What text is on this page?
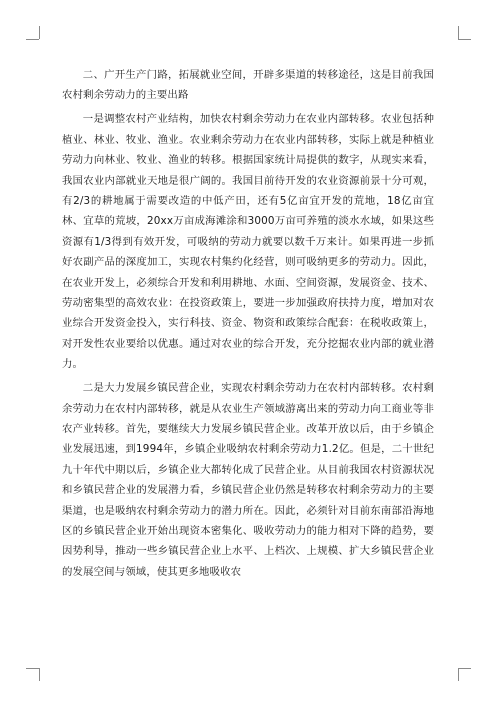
二、广开生产门路，拓展就业空间，开辟多渠道的转移途径，这是目前我国农村剩余劳动力的主要出路

一是调整农村产业结构，加快农村剩余劳动力在农业内部转移。农业包括种植业、林业、牧业、渔业。农业剩余劳动力在农业内部转移，实际上就是种植业劳动力向林业、牧业、渔业的转移。根据国家统计局提供的数字，从现实来看，我国农业内部就业天地是很广阔的。我国目前待开发的农业资源前景十分可观，有2/3的耕地属于需要改造的中低产田，还有5亿亩宜开发的荒地，18亿亩宜林、宜草的荒坡，20xx万亩成海滩涂和3000万亩可养殖的淡水水域，如果这些资源有1/3得到有效开发，可吸纳的劳动力就要以数千万来计。如果再进一步抓好农副产品的深度加工，实现农村集约化经营，则可吸纳更多的劳动力。因此，在农业开发上，必须综合开发和利用耕地、水面、空间资源，发展资金、技术、劳动密集型的高效农业：在投资政策上，要进一步加强政府扶持力度，增加对农业综合开发资金投入，实行科技、资金、物资和政策综合配套：在税收政策上，对开发性农业要给以优惠。通过对农业的综合开发，充分挖掘农业内部的就业潜力。

二是大力发展乡镇民营企业，实现农村剩余劳动力在农村内部转移。农村剩余劳动力在农村内部转移，就是从农业生产领域游离出来的劳动力向工商业等非农产业转移。首先，要继续大力发展乡镇民营企业。改革开放以后，由于乡镇企业发展迅速，到1994年，乡镇企业吸纳农村剩余劳动力1.2亿。但是，二十世纪九十年代中期以后，乡镇企业大都转化成了民营企业。从目前我国农村资源状况和乡镇民营企业的发展潜力看，乡镇民营企业仍然是转移农村剩余劳动力的主要渠道，也是吸纳农村剩余劳动力的潜力所在。因此，必须针对目前东南部沿海地区的乡镇民营企业开始出现资本密集化、吸收劳动力的能力相对下降的趋势，要因势利导，推动一些乡镇民营企业上水平、上档次、上规模、扩大乡镇民营企业的发展空间与领域，使其更多地吸收农
